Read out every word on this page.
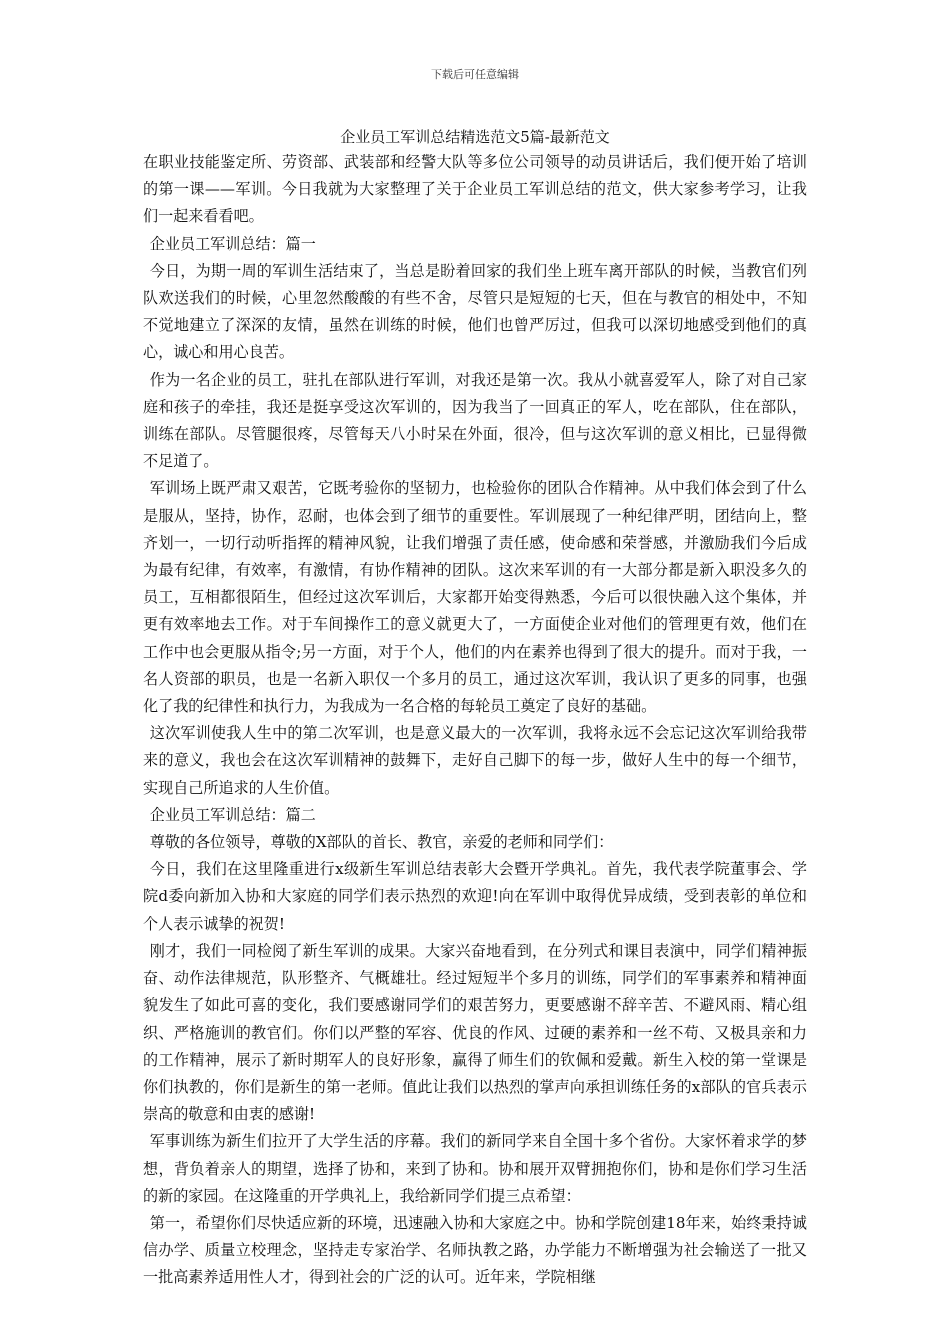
下载后可任意编辑
企业员工军训总结精选范文5篇-最新范文

在职业技能鉴定所、劳资部、武装部和经警大队等多位公司领导的动员讲话后，我们便开始了培训的第一课——军训。今日我就为大家整理了关于企业员工军训总结的范文，供大家参考学习，让我们一起来看看吧。

企业员工军训总结：篇一

今日，为期一周的军训生活结束了，当总是盼着回家的我们坐上班车离开部队的时候，当教官们列队欢送我们的时候，心里忽然酸酸的有些不舍，尽管只是短短的七天，但在与教官的相处中，不知不觉地建立了深深的友情，虽然在训练的时候，他们也曾严厉过，但我可以深切地感受到他们的真心，诚心和用心良苦。

作为一名企业的员工，驻扎在部队进行军训，对我还是第一次。我从小就喜爱军人，除了对自己家庭和孩子的牵挂，我还是挺享受这次军训的，因为我当了一回真正的军人，吃在部队，住在部队，训练在部队。尽管腿很疼，尽管每天八小时呆在外面，很冷，但与这次军训的意义相比，已显得微不足道了。

军训场上既严肃又艰苦，它既考验你的坚韧力，也检验你的团队合作精神。从中我们体会到了什么是服从，坚持，协作，忍耐，也体会到了细节的重要性。军训展现了一种纪律严明，团结向上，整齐划一，一切行动听指挥的精神风貌，让我们增强了责任感，使命感和荣誉感，并激励我们今后成为最有纪律，有效率，有激情，有协作精神的团队。这次来军训的有一大部分都是新入职没多久的员工，互相都很陌生，但经过这次军训后，大家都开始变得熟悉，今后可以很快融入这个集体，并更有效率地去工作。对于车间操作工的意义就更大了，一方面使企业对他们的管理更有效，他们在工作中也会更服从指令;另一方面，对于个人，他们的内在素养也得到了很大的提升。而对于我，一名人资部的职员，也是一名新入职仅一个多月的员工，通过这次军训，我认识了更多的同事，也强化了我的纪律性和执行力，为我成为一名合格的每轮员工奠定了良好的基础。

这次军训使我人生中的第二次军训，也是意义最大的一次军训，我将永远不会忘记这次军训给我带来的意义，我也会在这次军训精神的鼓舞下，走好自己脚下的每一步，做好人生中的每一个细节，实现自己所追求的人生价值。

企业员工军训总结：篇二

尊敬的各位领导，尊敬的X部队的首长、教官，亲爱的老师和同学们：

今日，我们在这里隆重进行x级新生军训总结表彰大会暨开学典礼。首先，我代表学院董事会、学院d委向新加入协和大家庭的同学们表示热烈的欢迎!向在军训中取得优异成绩，受到表彰的单位和个人表示诚挚的祝贺!

刚才，我们一同检阅了新生军训的成果。大家兴奋地看到，在分列式和课目表演中，同学们精神振奋、动作法律规范，队形整齐、气概雄壮。经过短短半个多月的训练，同学们的军事素养和精神面貌发生了如此可喜的变化，我们要感谢同学们的艰苦努力，更要感谢不辞辛苦、不避风雨、精心组织、严格施训的教官们。你们以严整的军容、优良的作风、过硬的素养和一丝不苟、又极具亲和力的工作精神，展示了新时期军人的良好形象，赢得了师生们的钦佩和爱戴。新生入校的第一堂课是你们执教的，你们是新生的第一老师。值此让我们以热烈的掌声向承担训练任务的x部队的官兵表示崇高的敬意和由衷的感谢!

军事训练为新生们拉开了大学生活的序幕。我们的新同学来自全国十多个省份。大家怀着求学的梦想，背负着亲人的期望，选择了协和，来到了协和。协和展开双臂拥抱你们，协和是你们学习生活的新的家园。在这隆重的开学典礼上，我给新同学们提三点希望：

第一，希望你们尽快适应新的环境，迅速融入协和大家庭之中。协和学院创建18年来，始终秉持诚信办学、质量立校理念，坚持走专家治学、名师执教之路，办学能力不断增强为社会输送了一批又一批高素养适用性人才，得到社会的广泛的认可。近年来，学院相继
